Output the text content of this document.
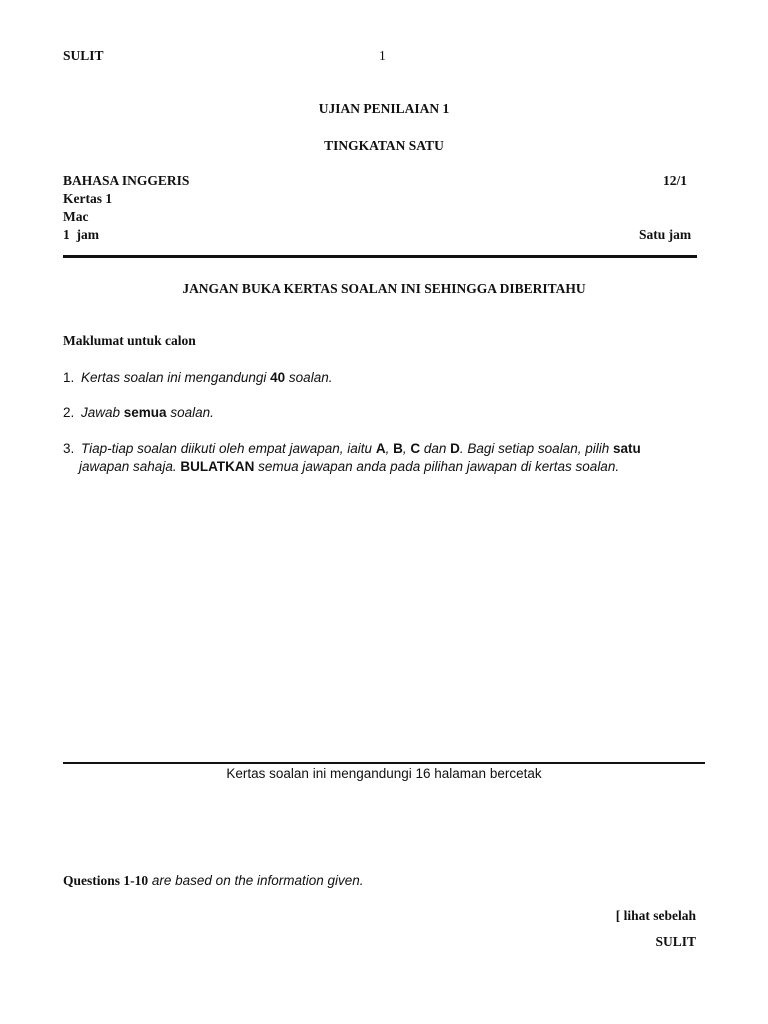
SULIT	1
UJIAN PENILAIAN 1
TINGKATAN SATU
BAHASA INGGERIS	12/1
Kertas 1
Mac
1  jam	Satu jam
JANGAN BUKA KERTAS SOALAN INI SEHINGGA DIBERITAHU
Maklumat untuk calon
1. Kertas soalan ini mengandungi 40 soalan.
2. Jawab semua soalan.
3. Tiap-tiap soalan diikuti oleh empat jawapan, iaitu A, B, C dan D. Bagi setiap soalan, pilih satu
jawapan sahaja. BULATKAN semua jawapan anda pada pilihan jawapan di kertas soalan.
Kertas soalan ini mengandungi 16 halaman bercetak
Questions 1-10 are based on the information given.
[ lihat sebelah
SULIT
